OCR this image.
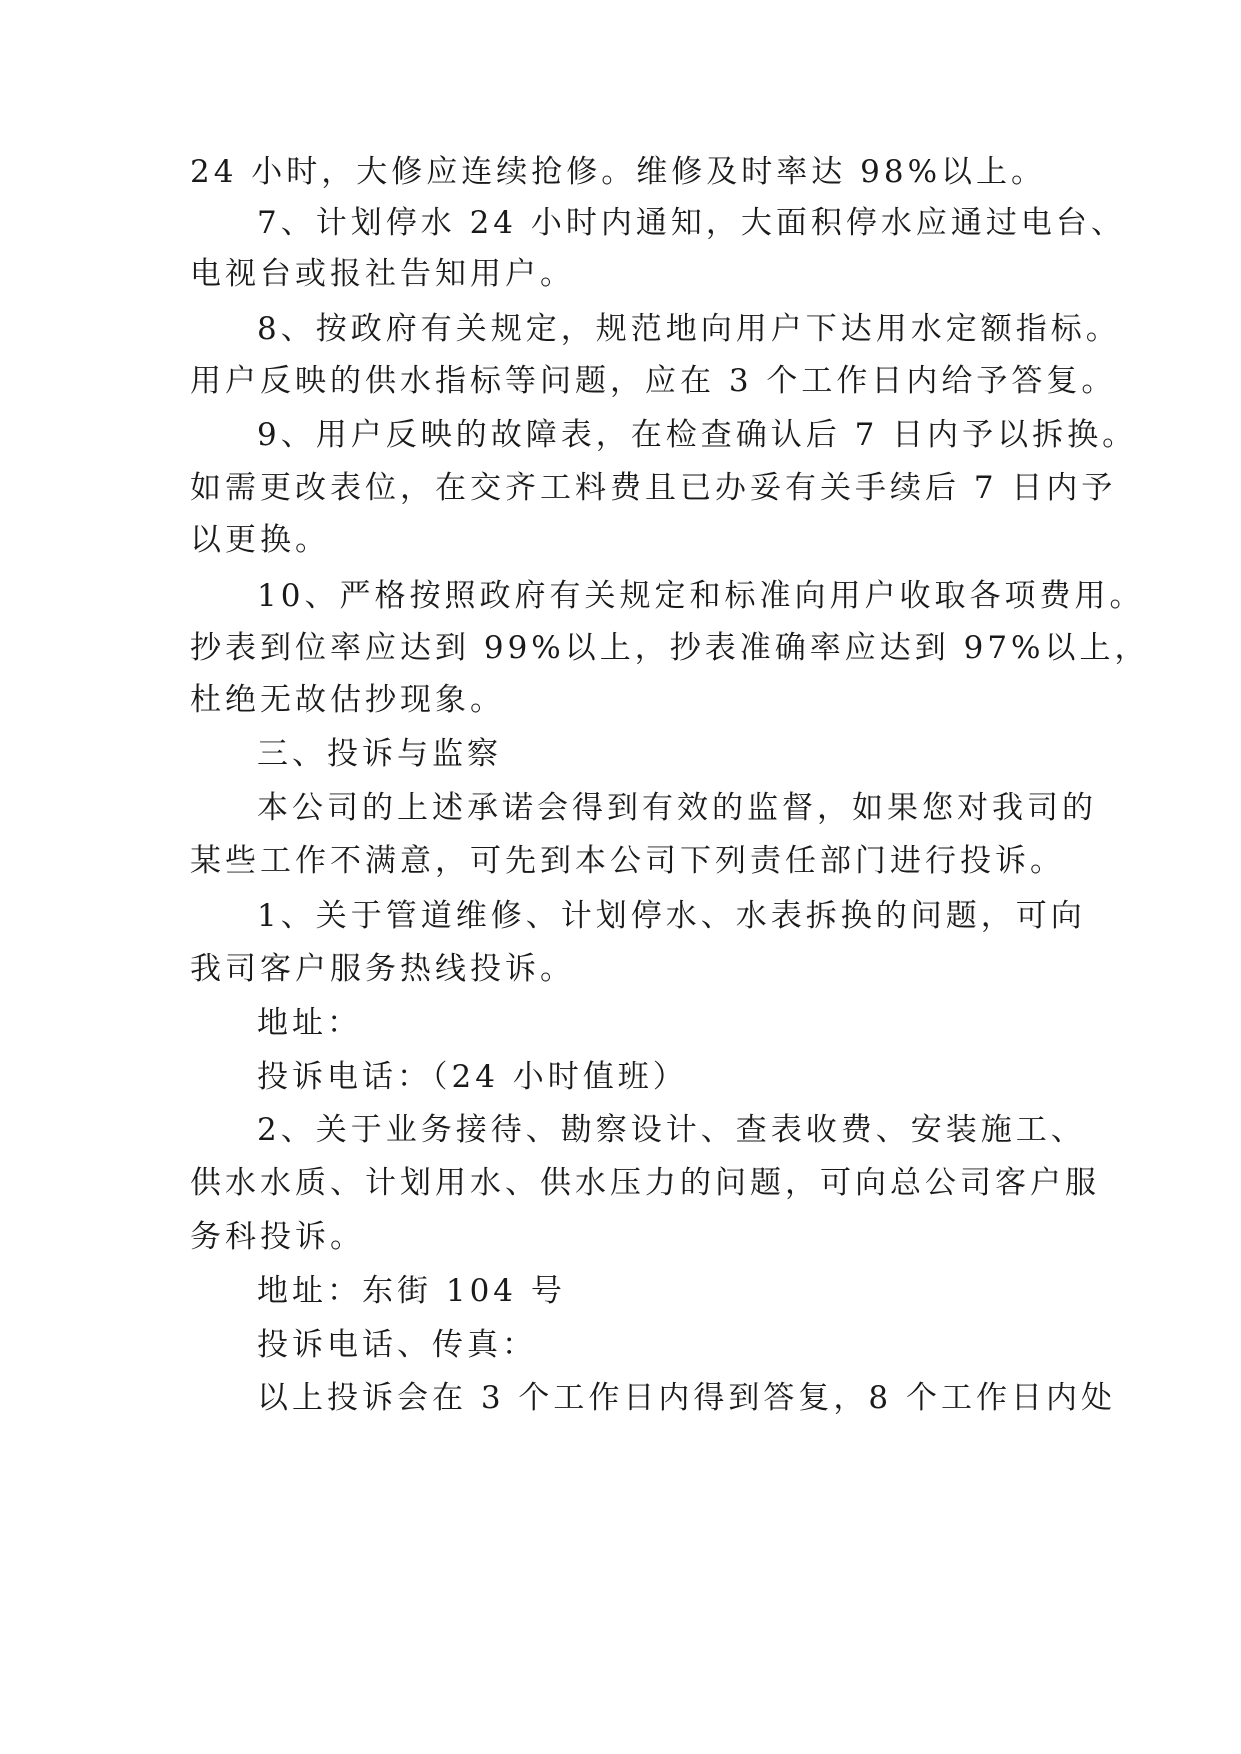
24 小时，大修应连续抢修。维修及时率达 98%以上。
7、计划停水 24 小时内通知，大面积停水应通过电台、
电视台或报社告知用户。
8、按政府有关规定，规范地向用户下达用水定额指标。
用户反映的供水指标等问题，应在 3 个工作日内给予答复。
9、用户反映的故障表，在检查确认后 7 日内予以拆换。
如需更改表位，在交齐工料费且已办妥有关手续后 7 日内予
以更换。
10、严格按照政府有关规定和标准向用户收取各项费用。
抄表到位率应达到 99%以上，抄表准确率应达到 97%以上，
杜绝无故估抄现象。
三、投诉与监察
本公司的上述承诺会得到有效的监督，如果您对我司的
某些工作不满意，可先到本公司下列责任部门进行投诉。
1、关于管道维修、计划停水、水表拆换的问题，可向
我司客户服务热线投诉。
地址：
投诉电话：（24 小时值班）
2、关于业务接待、勘察设计、查表收费、安装施工、
供水水质、计划用水、供水压力的问题，可向总公司客户服
务科投诉。
地址：东街 104 号
投诉电话、传真：
以上投诉会在 3 个工作日内得到答复，8 个工作日内处
